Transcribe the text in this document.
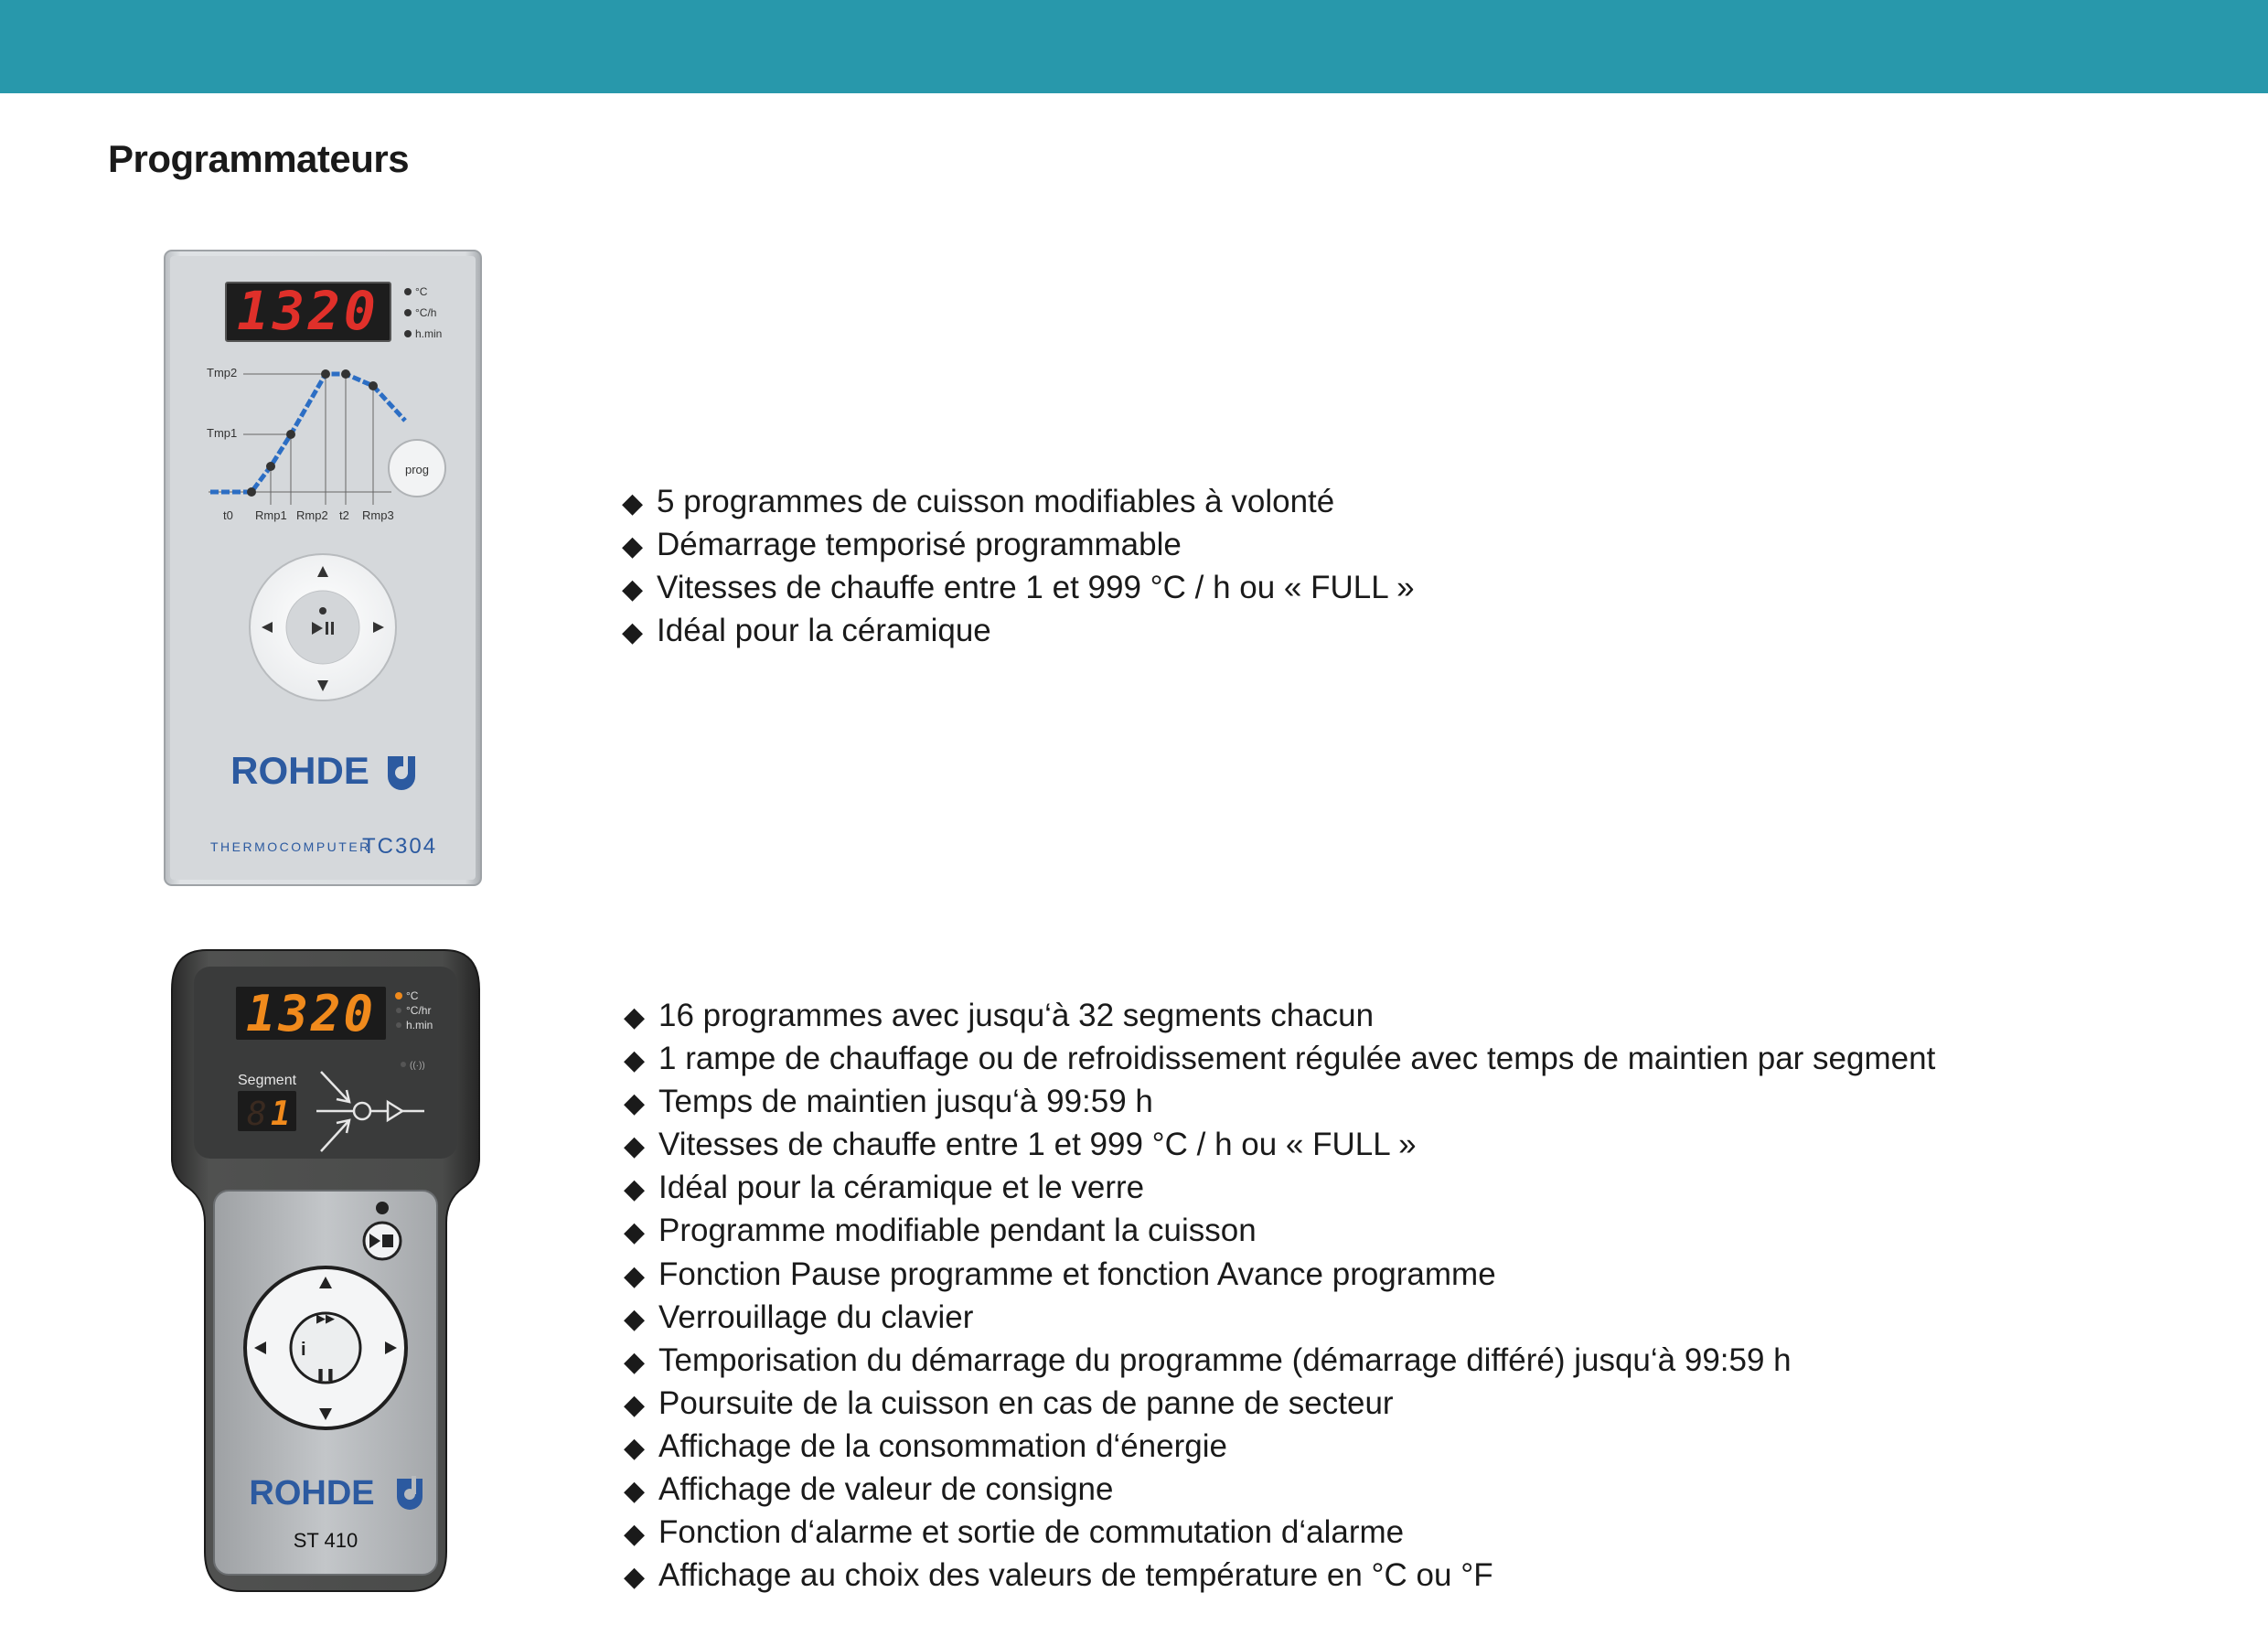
Programmateurs
1320	°C
°C/h
h.min
Tmp2
Tmp1
t0 Rmp1 Rmp2 t2 Rmp3
prog
ROHDE
THERMOCOMPUTER
TC304
◆ 5 programmes de cuisson modifiables à volonté
◆ Démarrage temporisé programmable
◆ Vitesses de chauffe entre 1 et 999 °C / h ou « FULL »
◆ Idéal pour la céramique
1320	°C
°C/hr
h.min
((·))
Segment
8 1
▶▶
i
❚❚
ROHDE
ST 410
◆ 16 programmes avec jusqu‘à 32 segments chacun
◆ 1 rampe de chauffage ou de refroidissement régulée avec temps de maintien par segment
◆ Temps de maintien jusqu‘à 99:59 h
◆ Vitesses de chauffe entre 1 et 999 °C / h ou « FULL »
◆ Idéal pour la céramique et le verre
◆ Programme modifiable pendant la cuisson
◆ Fonction Pause programme et fonction Avance programme
◆ Verrouillage du clavier
◆ Temporisation du démarrage du programme (démarrage différé) jusqu‘à 99:59 h
◆ Poursuite de la cuisson en cas de panne de secteur
◆ Affichage de la consommation d‘énergie
◆ Affichage de valeur de consigne
◆ Fonction d‘alarme et sortie de commutation d‘alarme
◆ Affichage au choix des valeurs de température en °C ou °F
